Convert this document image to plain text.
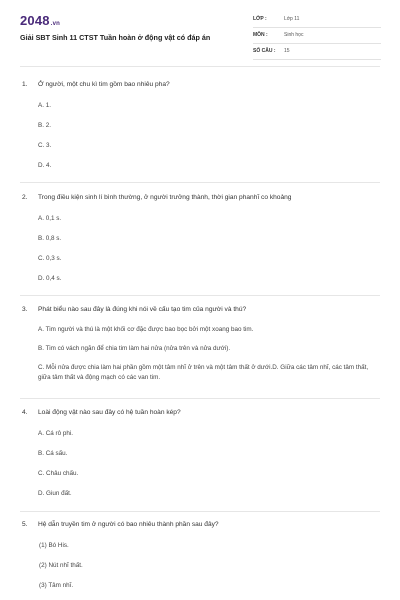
2048.vn
Giải SBT Sinh 11 CTST Tuần hoàn ở động vật có đáp án
LỚP :	Lớp 11
MÔN :	Sinh học
SỐ CÂU : 15
1. Ở người, một chu kì tim gồm bao nhiêu pha?
A. 1.
B. 2.
C. 3.
D. 4.
2. Trong điều kiện sinh lí bình thường, ở người trưởng thành, thời gian phanhĩ co khoảng
A. 0,1 s.
B. 0,8 s.
C. 0,3 s.
D. 0,4 s.
3. Phát biểu nào sau đây là đúng khi nói về cấu tạo tim của người và thú?
A. Tim người và thú là một khối cơ đặc được bao bọc bởi một xoang bao tim.
B. Tim có vách ngăn để chia tim làm hai nửa (nửa trên và nửa dưới).
C. Mỗi nửa được chia làm hai phần gồm một tâm nhĩ ở trên và một tâm thất ở dưới.D. Giữa các tâm nhĩ, các tâm thất, giữa tâm thất và động mạch có các van tim.
4. Loài động vật nào sau đây có hệ tuần hoàn kép?
A. Cá rô phi.
B. Cá sấu.
C. Châu chấu.
D. Giun đất.
5. Hệ dẫn truyền tim ở người có bao nhiêu thành phần sau đây?
(1) Bó His.
(2) Nút nhĩ thất.
(3) Tâm nhĩ.
